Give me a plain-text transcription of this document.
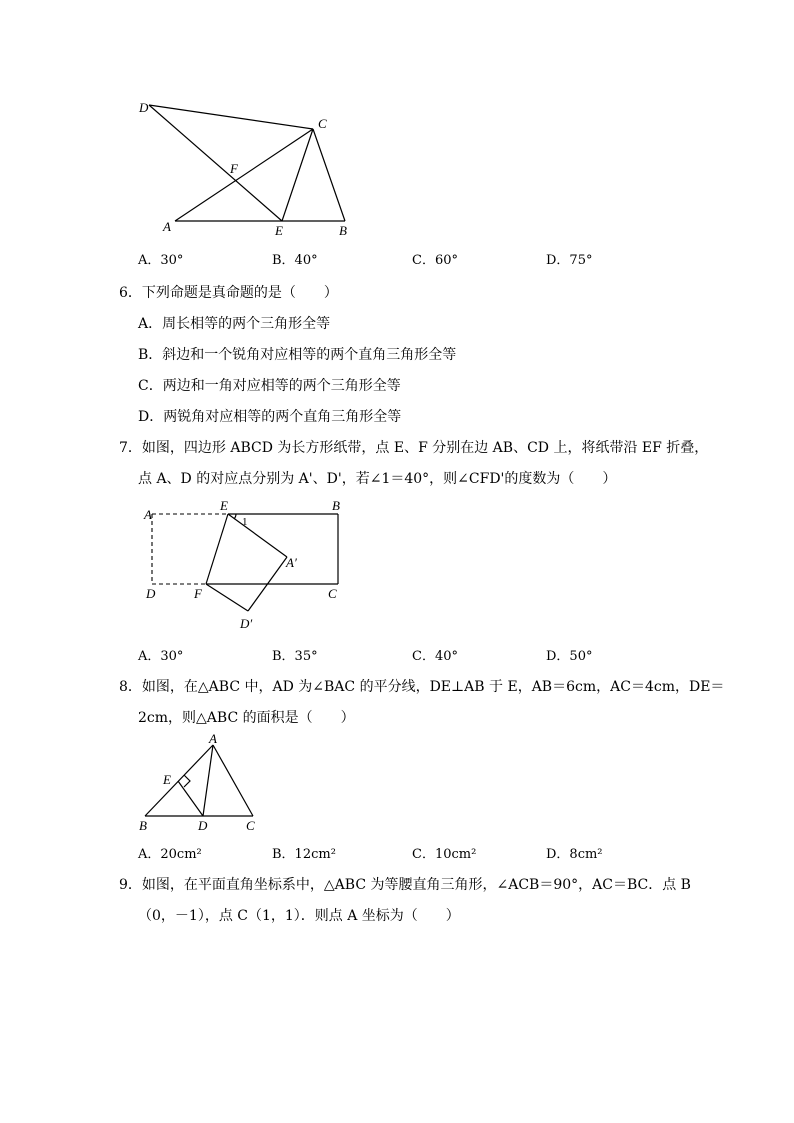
D
C
F
A	E	B
A．30°	B．40°	C．60°	D．75°
6．下列命题是真命题的是（　　）
A．周长相等的两个三角形全等
B．斜边和一个锐角对应相等的两个直角三角形全等
C．两边和一角对应相等的两个三角形全等
D．两锐角对应相等的两个直角三角形全等
7．如图，四边形 ABCD 为长方形纸带，点 E、F 分别在边 AB、CD 上，将纸带沿 EF 折叠，
点 A、D 的对应点分别为 A'、D'，若∠1＝40°，则∠CFD'的度数为（　　）
A
E
1
B
A′
D	F	C
D′
A．30°	B．35°	C．40°	D．50°
8．如图，在△ABC 中，AD 为∠BAC 的平分线，DE⊥AB 于 E，AB＝6cm，AC＝4cm，DE＝
2cm，则△ABC 的面积是（　　）
A
E
B	D	C
A．20cm²	B．12cm²	C．10cm²	D．8cm²
9．如图，在平面直角坐标系中，△ABC 为等腰直角三角形，∠ACB＝90°，AC＝BC．点 B
（0，－1），点 C（1，1）．则点 A 坐标为（　　）
